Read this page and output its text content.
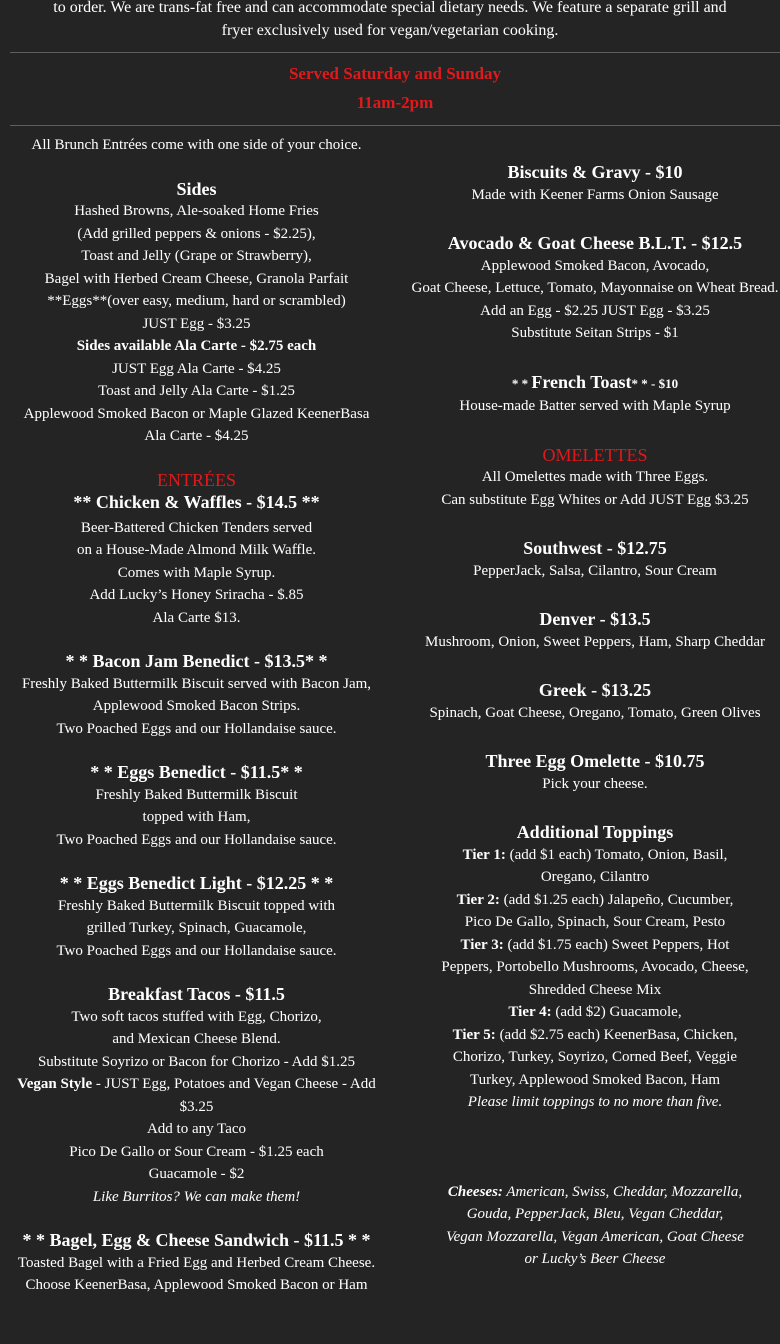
to order. We are trans-fat free and can accommodate special dietary needs. We feature a separate grill and
fryer exclusively used for vegan/vegetarian cooking.
Served Saturday and Sunday
11am-2pm

All Brunch Entrées come with one side of your choice.

Sides

Hashed Browns, Ale-soaked Home Fries

(Add grilled peppers & onions - $2.25),

Toast and Jelly (Grape or Strawberry),

Bagel with Herbed Cream Cheese, Granola Parfait

**Eggs**(over easy, medium, hard or scrambled)

JUST Egg - $3.25

Sides available Ala Carte - $2.75 each

JUST Egg Ala Carte - $4.25

Toast and Jelly Ala Carte - $1.25

Applewood Smoked Bacon or Maple Glazed KeenerBasa

Ala Carte - $4.25

ENTRÉES

** Chicken & Waffles - $14.5 **

Beer-Battered Chicken Tenders served

on a House-Made Almond Milk Waffle.

Comes with Maple Syrup.

Add Lucky’s Honey Sriracha - $.85

Ala Carte $13.

* * Bacon Jam Benedict - $13.5* *

Freshly Baked Buttermilk Biscuit served with Bacon Jam,

Applewood Smoked Bacon Strips.

Two Poached Eggs and our Hollandaise sauce.

* * Eggs Benedict - $11.5* *

Freshly Baked Buttermilk Biscuit

topped with Ham,

Two Poached Eggs and our Hollandaise sauce.

* * Eggs Benedict Light - $12.25 * *

Freshly Baked Buttermilk Biscuit topped with

grilled Turkey, Spinach, Guacamole,

Two Poached Eggs and our Hollandaise sauce.

Breakfast Tacos - $11.5

Two soft tacos stuffed with Egg, Chorizo,

and Mexican Cheese Blend.

Substitute Soyrizo or Bacon for Chorizo - Add $1.25

Vegan Style - JUST Egg, Potatoes and Vegan Cheese - Add

$3.25

Add to any Taco

Pico De Gallo or Sour Cream - $1.25 each

Guacamole - $2

Like Burritos? We can make them!

* * Bagel, Egg & Cheese Sandwich - $11.5 * *

Toasted Bagel with a Fried Egg and Herbed Cream Cheese.

Choose KeenerBasa, Applewood Smoked Bacon or Ham

Biscuits & Gravy - $10

Made with Keener Farms Onion Sausage

Avocado & Goat Cheese B.L.T. - $12.5

Applewood Smoked Bacon, Avocado,

Goat Cheese, Lettuce, Tomato, Mayonnaise on Wheat Bread.

Add an Egg - $2.25 JUST Egg - $3.25

Substitute Seitan Strips - $1

* * French Toast* * - $10

House-made Batter served with Maple Syrup

OMELETTES

All Omelettes made with Three Eggs.

Can substitute Egg Whites or Add JUST Egg $3.25

Southwest - $12.75

PepperJack, Salsa, Cilantro, Sour Cream

Denver - $13.5

Mushroom, Onion, Sweet Peppers, Ham, Sharp Cheddar

Greek - $13.25

Spinach, Goat Cheese, Oregano, Tomato, Green Olives

Three Egg Omelette - $10.75

Pick your cheese.

Additional Toppings

Tier 1: (add $1 each) Tomato, Onion, Basil,

Oregano, Cilantro

Tier 2: (add $1.25 each) Jalapeño, Cucumber,

Pico De Gallo, Spinach, Sour Cream, Pesto

Tier 3: (add $1.75 each) Sweet Peppers, Hot

Peppers, Portobello Mushrooms, Avocado, Cheese,

Shredded Cheese Mix

Tier 4: (add $2) Guacamole,

Tier 5: (add $2.75 each) KeenerBasa, Chicken,

Chorizo, Turkey, Soyrizo, Corned Beef, Veggie

Turkey, Applewood Smoked Bacon, Ham

Please limit toppings to no more than five.

Cheeses: American, Swiss, Cheddar, Mozzarella,

Gouda, PepperJack, Bleu, Vegan Cheddar,

Vegan Mozzarella, Vegan American, Goat Cheese

or Lucky’s Beer Cheese
